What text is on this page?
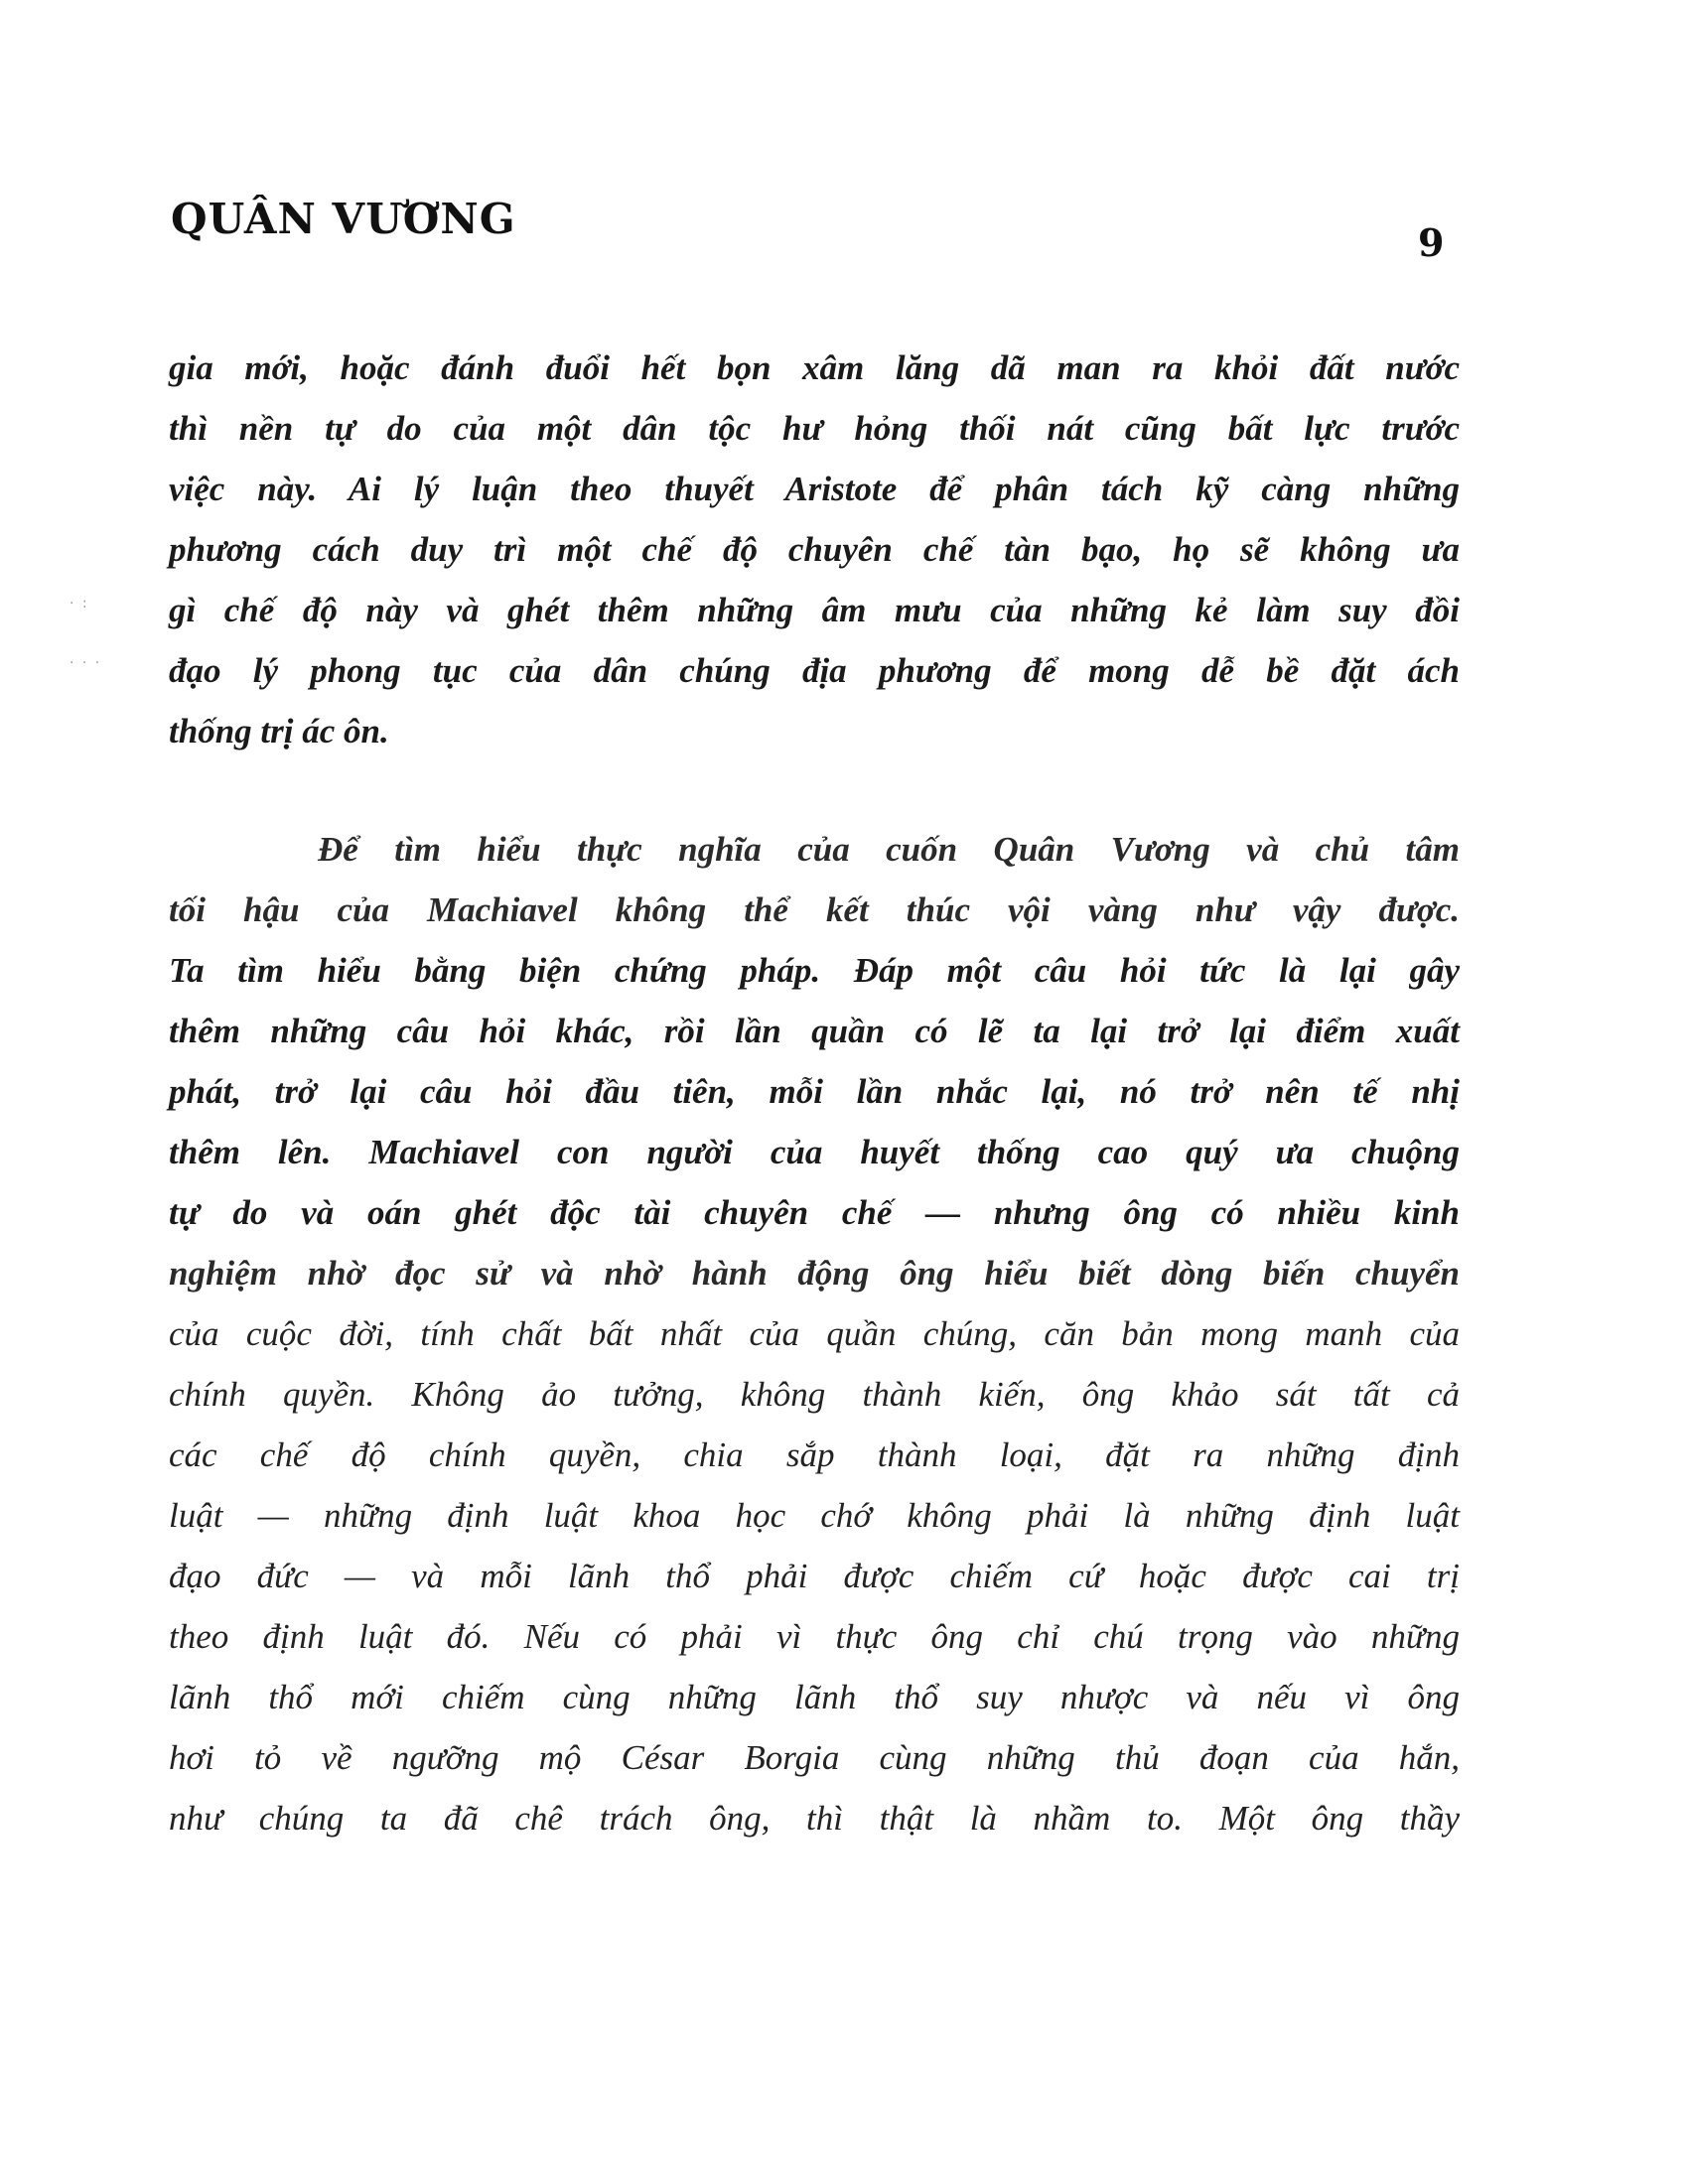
QUÂN VƯƠNG	9
· :
· · ·
gia mới, hoặc đánh đuổi hết bọn xâm lăng dã man ra khỏi đất nước
thì nền tự do của một dân tộc hư hỏng thối nát cũng bất lực trước
việc này. Ai lý luận theo thuyết Aristote để phân tách kỹ càng những
phương cách duy trì một chế độ chuyên chế tàn bạo, họ sẽ không ưa
gì chế độ này và ghét thêm những âm mưu của những kẻ làm suy đồi
đạo lý phong tục của dân chúng địa phương để mong dễ bề đặt ách
thống trị ác ôn.
Để tìm hiểu thực nghĩa của cuốn Quân Vương và chủ tâm
tối hậu của Machiavel không thể kết thúc vội vàng như vậy được.
Ta tìm hiểu bằng biện chứng pháp. Đáp một câu hỏi tức là lại gây
thêm những câu hỏi khác, rồi lần quần có lẽ ta lại trở lại điểm xuất
phát, trở lại câu hỏi đầu tiên, mỗi lần nhắc lại, nó trở nên tế nhị
thêm lên. Machiavel con người của huyết thống cao quý ưa chuộng
tự do và oán ghét độc tài chuyên chế — nhưng ông có nhiều kinh
nghiệm nhờ đọc sử và nhờ hành động ông hiểu biết dòng biến chuyển
của cuộc đời, tính chất bất nhất của quần chúng, căn bản mong manh của
chính quyền. Không ảo tưởng, không thành kiến, ông khảo sát tất cả
các chế độ chính quyền, chia sắp thành loại, đặt ra những định
luật — những định luật khoa học chớ không phải là những định luật
đạo đức — và mỗi lãnh thổ phải được chiếm cứ hoặc được cai trị
theo định luật đó. Nếu có phải vì thực ông chỉ chú trọng vào những
lãnh thổ mới chiếm cùng những lãnh thổ suy nhược và nếu vì ông
hơi tỏ về ngưỡng mộ César Borgia cùng những thủ đoạn của hắn,
như chúng ta đã chê trách ông, thì thật là nhầm to. Một ông thầy
